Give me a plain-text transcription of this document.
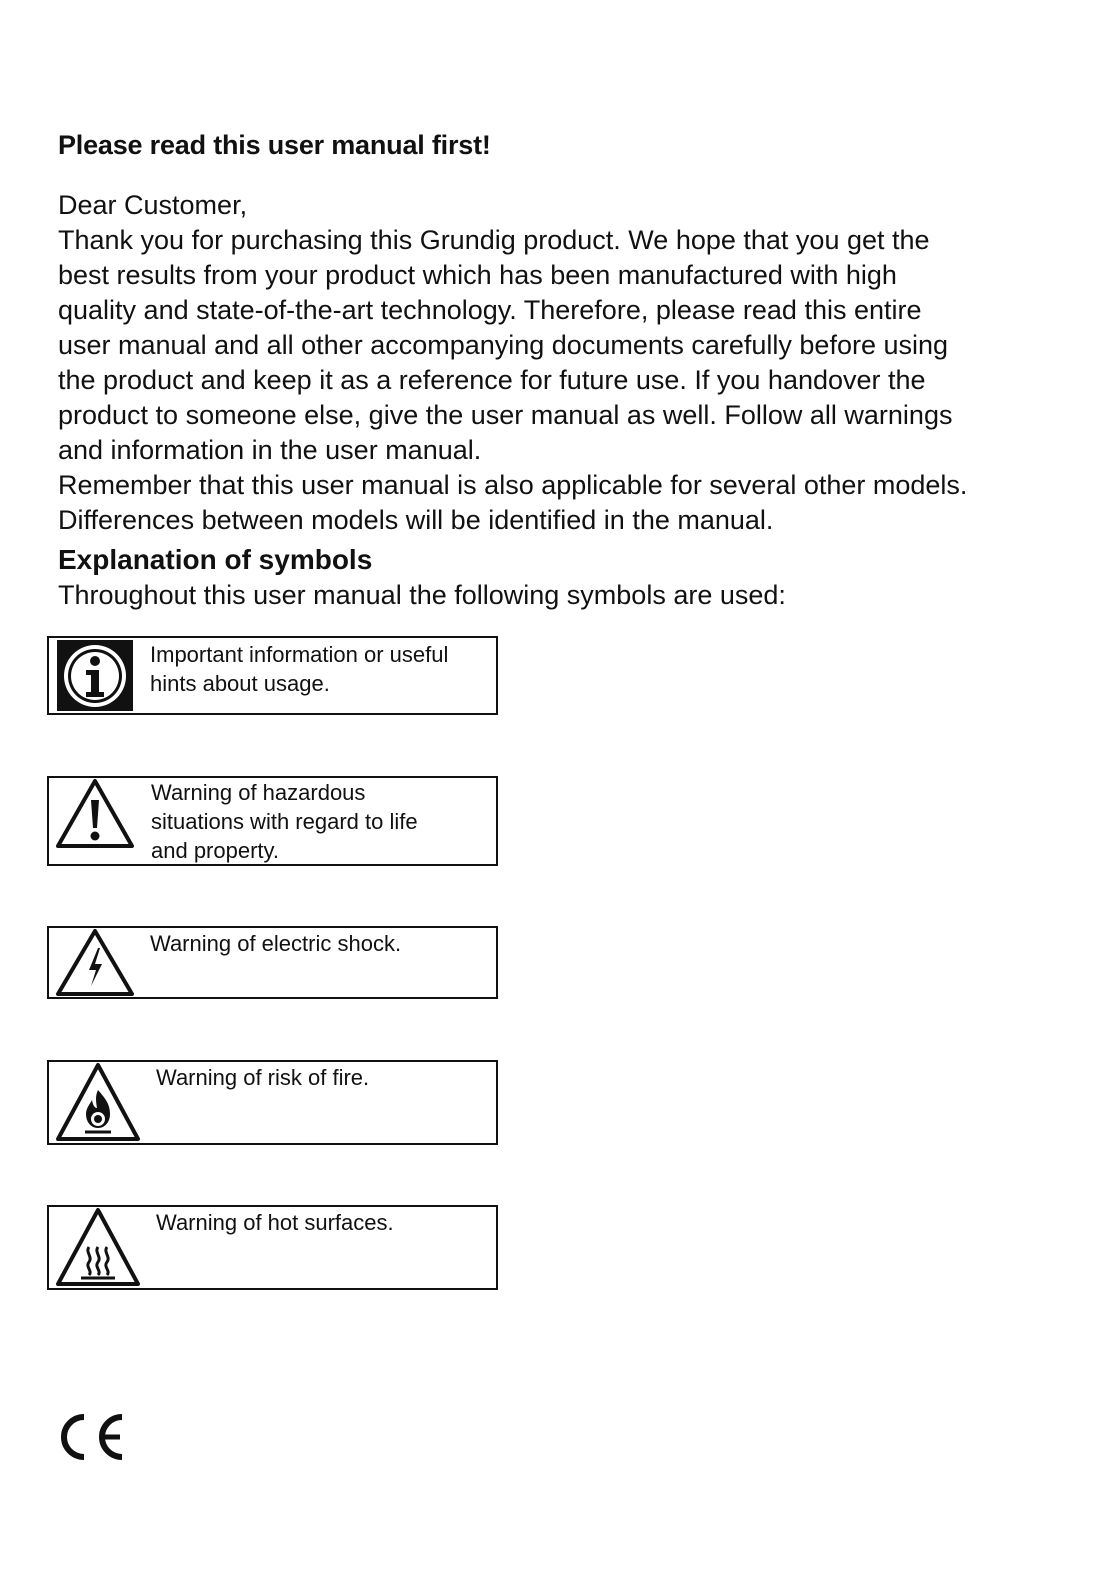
Please read this user manual first!
Dear Customer,

Thank you for purchasing this Grundig product. We hope that you get the

best results from your product which has been manufactured with high

quality and state-of-the-art technology. Therefore, please read this entire

user manual and all other accompanying documents carefully before using

the product and keep it as a reference for future use. If you handover the

product to someone else, give the user manual as well. Follow all warnings

and information in the user manual.

Remember that this user manual is also applicable for several other models.

Differences between models will be identified in the manual.

Explanation of symbols
Throughout this user manual the following symbols are used:
Important information or useful
hints about usage.
Warning of hazardous
situations with regard to life
and property.
Warning of electric shock.
Warning of risk of fire.
Warning of hot surfaces.
